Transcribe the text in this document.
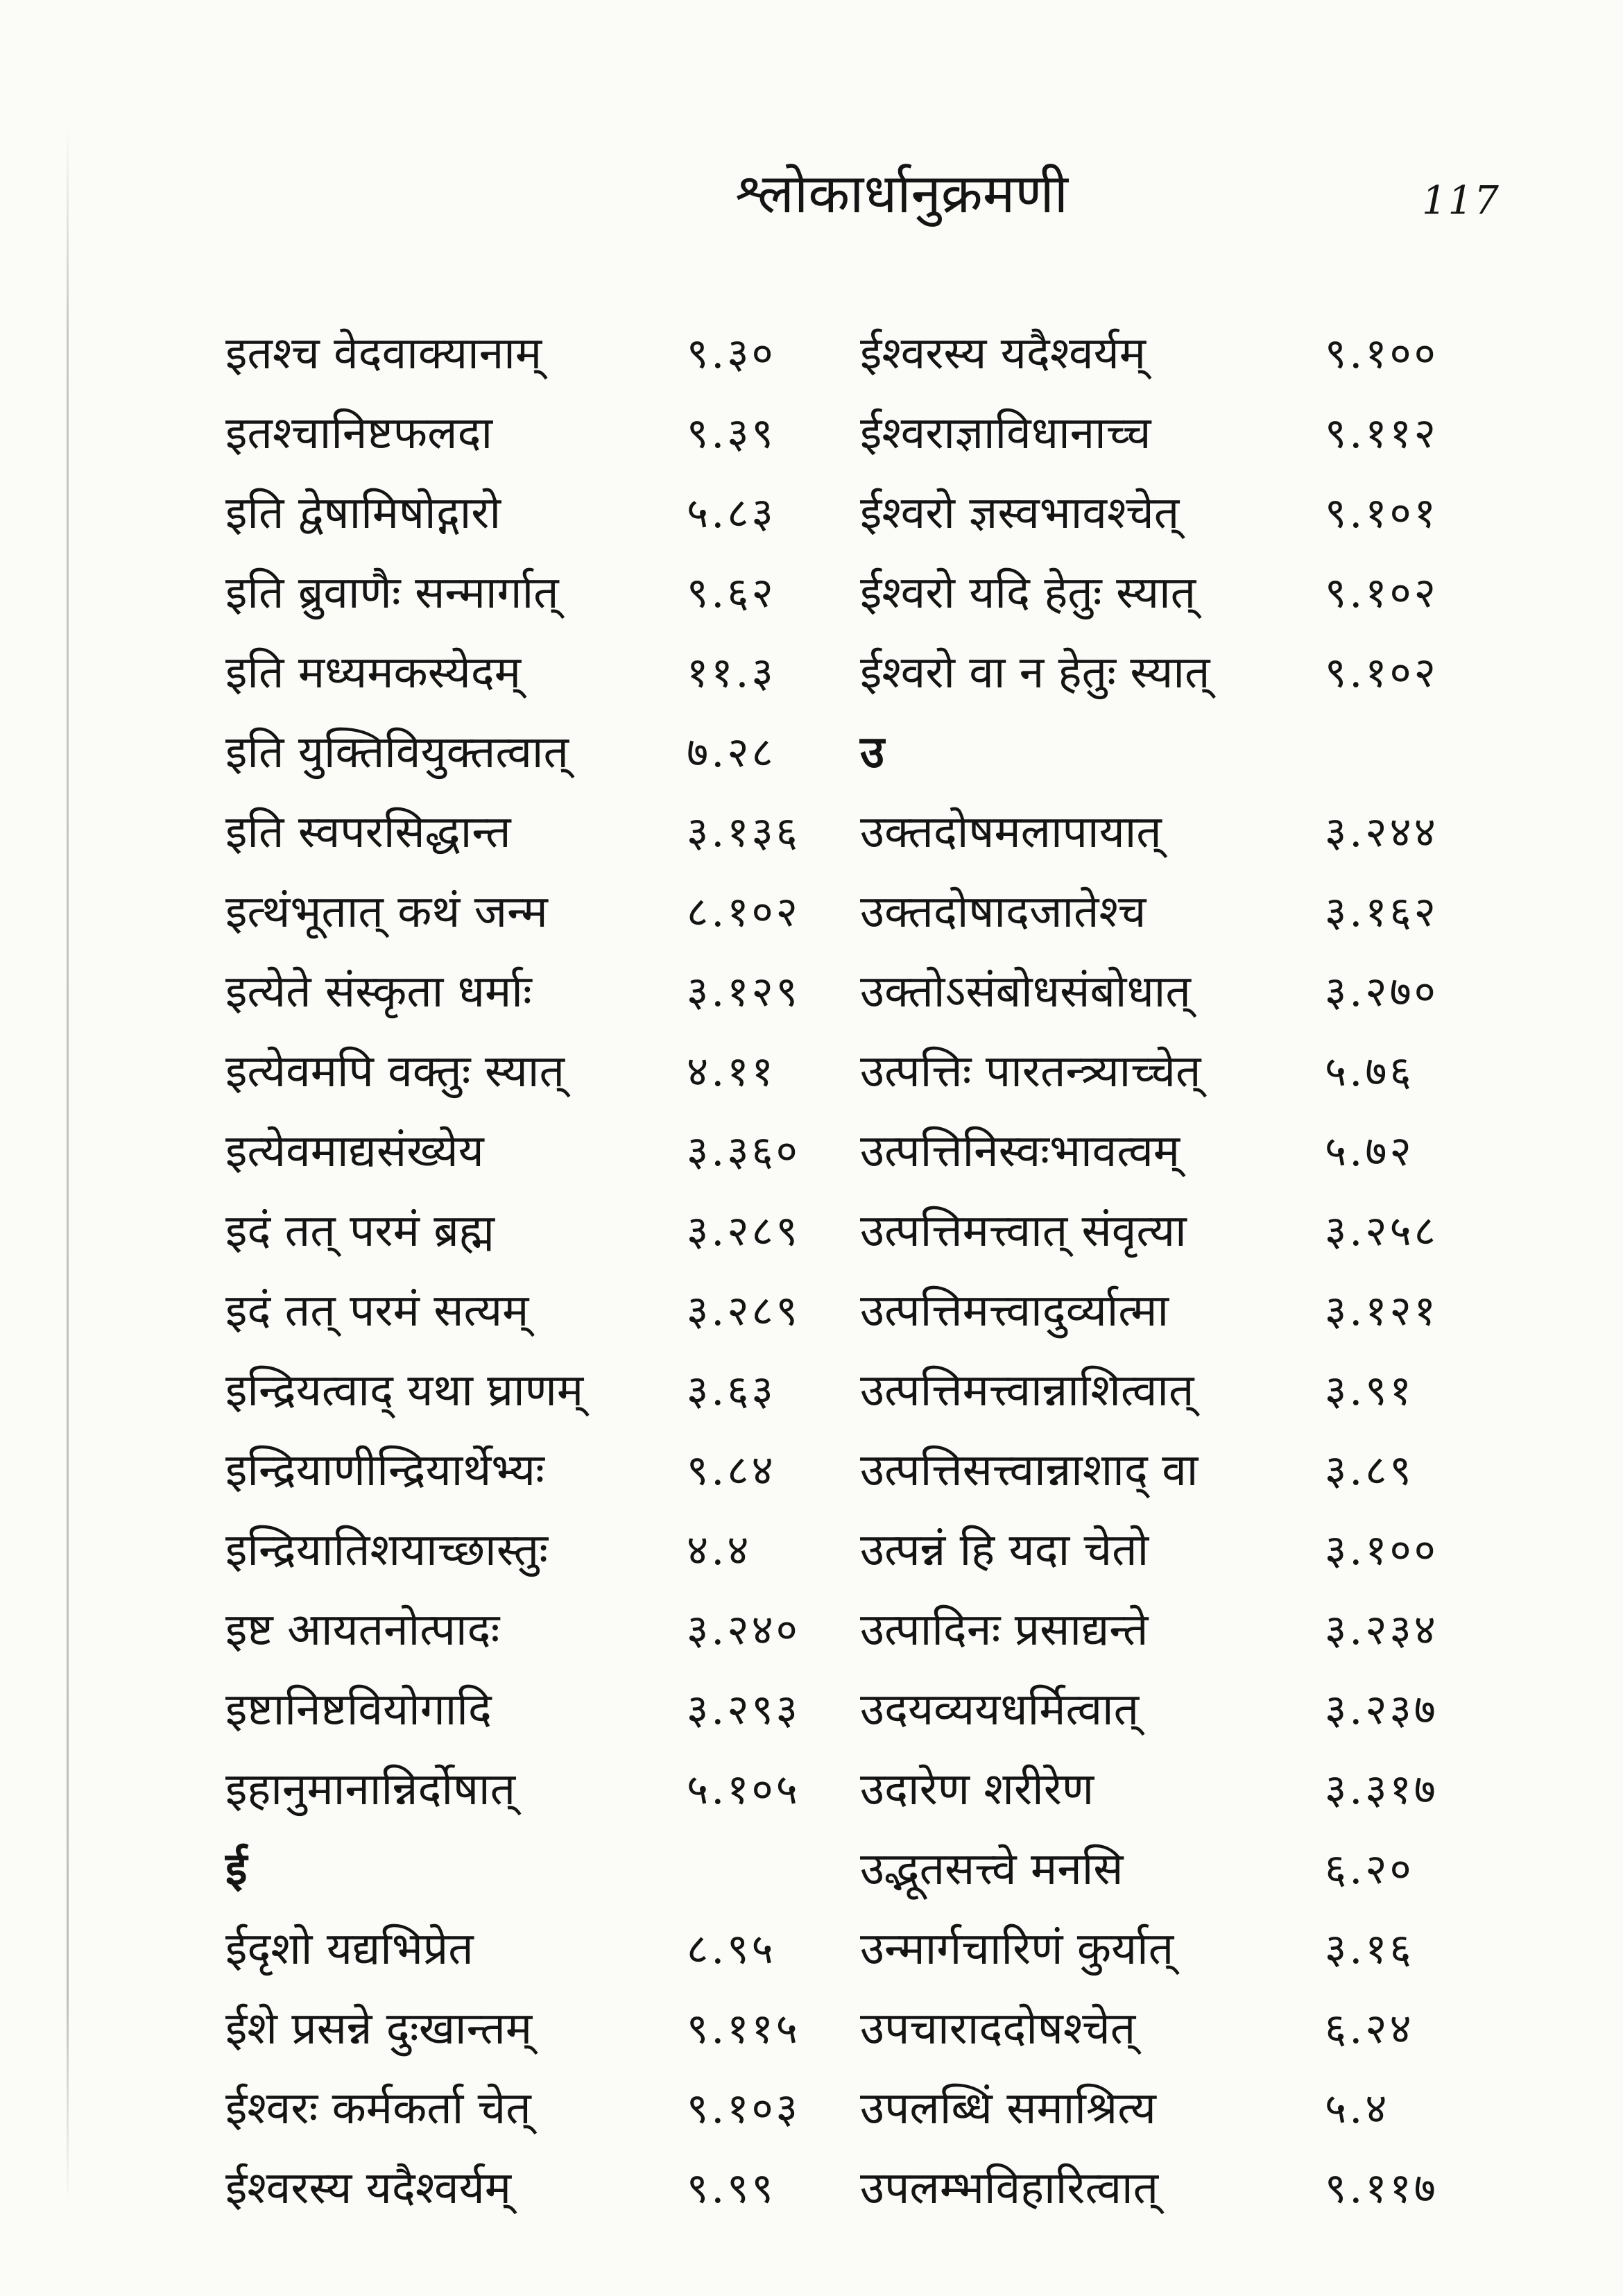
श्लोकार्धानुक्रमणी	117
इतश्च वेदवाक्यानाम्	९.३०
इतश्चानिष्टफलदा	९.३९
इति द्वेषामिषोद्गारो	५.८३
इति ब्रुवाणैः सन्मार्गात्	९.६२
इति मध्यमकस्येदम्	११.३
इति युक्तिवियुक्तत्वात्	७.२८
इति स्वपरसिद्धान्त	३.१३६
इत्थंभूतात् कथं जन्म	८.१०२
इत्येते संस्कृता धर्माः	३.१२९
इत्येवमपि वक्तुः स्यात्	४.११
इत्येवमाद्यसंख्येय	३.३६०
इदं तत् परमं ब्रह्म	३.२८९
इदं तत् परमं सत्यम्	३.२८९
इन्द्रियत्वाद् यथा घ्राणम् ३.६३
इन्द्रियाणीन्द्रियार्थेभ्यः	९.८४
इन्द्रियातिशयाच्छास्तुः	४.४
इष्ट आयतनोत्पादः	३.२४०
इष्टानिष्टवियोगादि	३.२९३
इहानुमानान्निर्दोषात्	५.१०५
ई
ईदृशो यद्यभिप्रेत	८.९५
ईशे प्रसन्ने दुःखान्तम्	९.११५
ईश्वरः कर्मकर्ता चेत्	९.१०३
ईश्वरस्य यदैश्वर्यम्	९.९९
ईश्वरस्य यदैश्वर्यम्	९.१००
ईश्वराज्ञाविधानाच्च	९.११२
ईश्वरो ज्ञस्वभावश्चेत्	९.१०१
ईश्वरो यदि हेतुः स्यात्	९.१०२
ईश्वरो वा न हेतुः स्यात्	९.१०२
उ
उक्तदोषमलापायात्	३.२४४
उक्तदोषादजातेश्च	३.१६२
उक्तोऽसंबोधसंबोधात्	३.२७०
उत्पत्तिः पारतन्त्र्याच्चेत्	५.७६
उत्पत्तिनिस्वःभावत्वम्	५.७२
उत्पत्तिमत्त्वात् संवृत्या	३.२५८
उत्पत्तिमत्त्वादुर्व्यात्मा	३.१२१
उत्पत्तिमत्त्वान्नाशित्वात्	३.९१
उत्पत्तिसत्त्वान्नाशाद् वा	३.८९
उत्पन्नं हि यदा चेतो	३.१००
उत्पादिनः प्रसाद्यन्ते	३.२३४
उदयव्ययधर्मित्वात्	३.२३७
उदारेण शरीरेण	३.३१७
उद्भूतसत्त्वे मनसि	६.२०
उन्मार्गचारिणं कुर्यात्	३.१६
उपचाराददोषश्चेत्	६.२४
उपलब्धिं समाश्रित्य	५.४
उपलम्भविहारित्वात्	९.११७
